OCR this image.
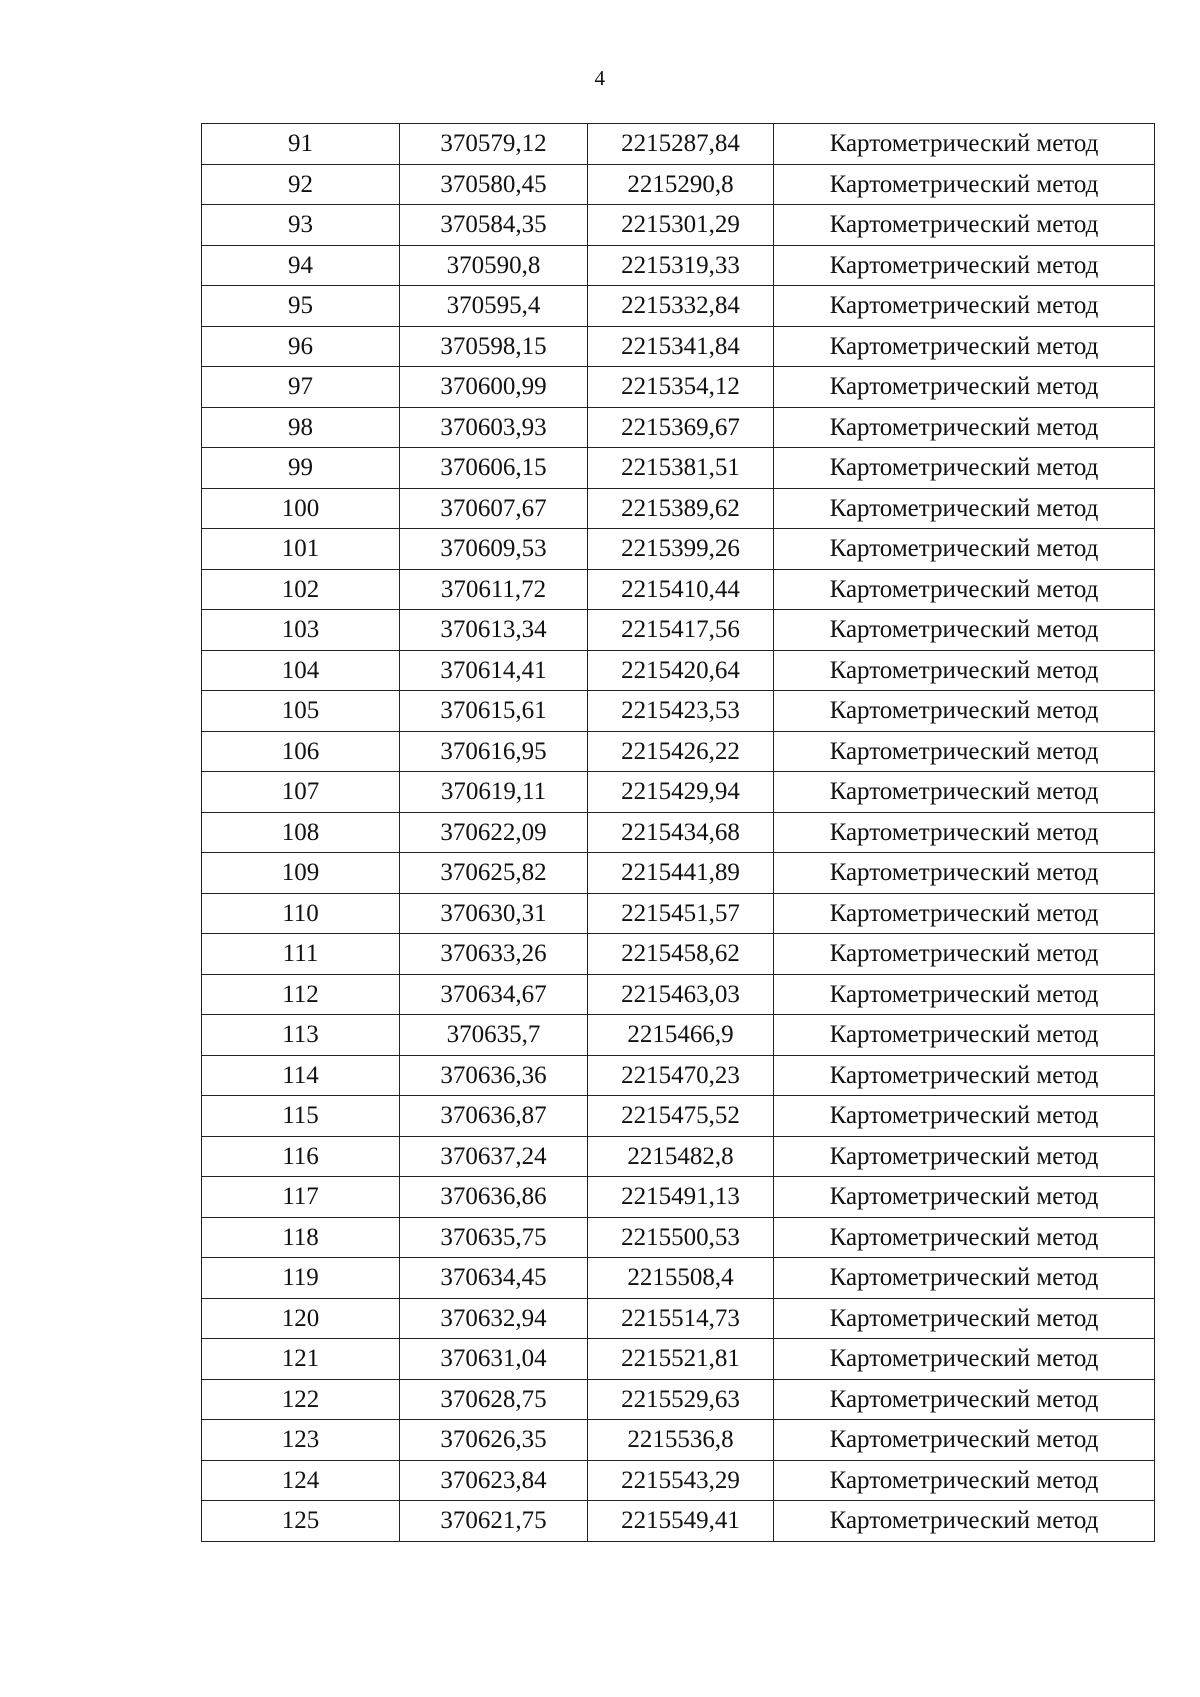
4
91	370579,12	2215287,84	Картометрический метод
92	370580,45	2215290,8	Картометрический метод
93	370584,35	2215301,29	Картометрический метод
94	370590,8	2215319,33	Картометрический метод
95	370595,4	2215332,84	Картометрический метод
96	370598,15	2215341,84	Картометрический метод
97	370600,99	2215354,12	Картометрический метод
98	370603,93	2215369,67	Картометрический метод
99	370606,15	2215381,51	Картометрический метод
100	370607,67	2215389,62	Картометрический метод
101	370609,53	2215399,26	Картометрический метод
102	370611,72	2215410,44	Картометрический метод
103	370613,34	2215417,56	Картометрический метод
104	370614,41	2215420,64	Картометрический метод
105	370615,61	2215423,53	Картометрический метод
106	370616,95	2215426,22	Картометрический метод
107	370619,11	2215429,94	Картометрический метод
108	370622,09	2215434,68	Картометрический метод
109	370625,82	2215441,89	Картометрический метод
110	370630,31	2215451,57	Картометрический метод
111	370633,26	2215458,62	Картометрический метод
112	370634,67	2215463,03	Картометрический метод
113	370635,7	2215466,9	Картометрический метод
114	370636,36	2215470,23	Картометрический метод
115	370636,87	2215475,52	Картометрический метод
116	370637,24	2215482,8	Картометрический метод
117	370636,86	2215491,13	Картометрический метод
118	370635,75	2215500,53	Картометрический метод
119	370634,45	2215508,4	Картометрический метод
120	370632,94	2215514,73	Картометрический метод
121	370631,04	2215521,81	Картометрический метод
122	370628,75	2215529,63	Картометрический метод
123	370626,35	2215536,8	Картометрический метод
124	370623,84	2215543,29	Картометрический метод
125	370621,75	2215549,41	Картометрический метод
